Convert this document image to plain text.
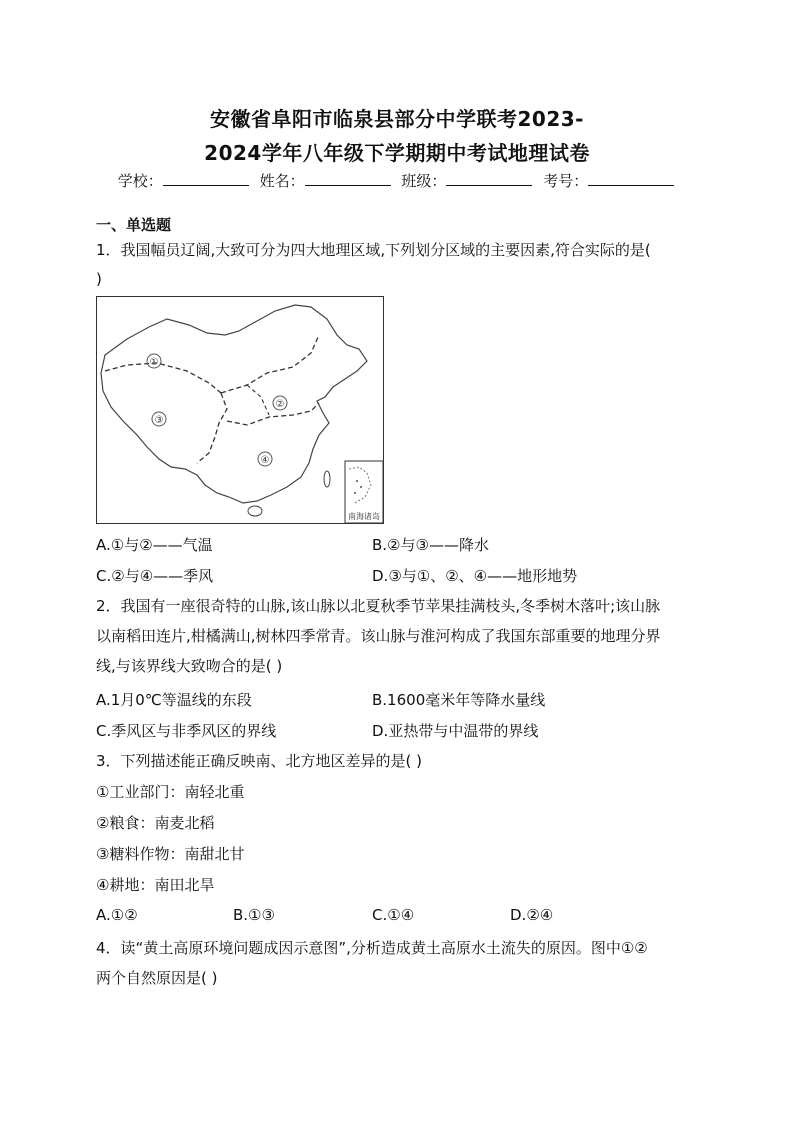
安徽省阜阳市临泉县部分中学联考2023-
2024学年八年级下学期期中考试地理试卷
学校：	姓名：	班级：	考号：
一、单选题
1．我国幅员辽阔,大致可分为四大地理区域,下列划分区域的主要因素,符合实际的是(
)
①
②
③
④
南海诸岛
A.①与②——气温	B.②与③——降水
C.②与④——季风	D.③与①、②、④——地形地势
2．我国有一座很奇特的山脉,该山脉以北夏秋季节苹果挂满枝头,冬季树木落叶;该山脉
以南稻田连片,柑橘满山,树林四季常青。该山脉与淮河构成了我国东部重要的地理分界
线,与该界线大致吻合的是( )
A.1月0℃等温线的东段	B.1600毫米年等降水量线
C.季风区与非季风区的界线	D.亚热带与中温带的界线
3．下列描述能正确反映南、北方地区差异的是( )
①工业部门：南轻北重
②粮食：南麦北稻
③糖料作物：南甜北甘
④耕地：南田北旱
A.①②	B.①③	C.①④	D.②④
4．读“黄土高原环境问题成因示意图”,分析造成黄土高原水土流失的原因。图中①②
两个自然原因是( )
